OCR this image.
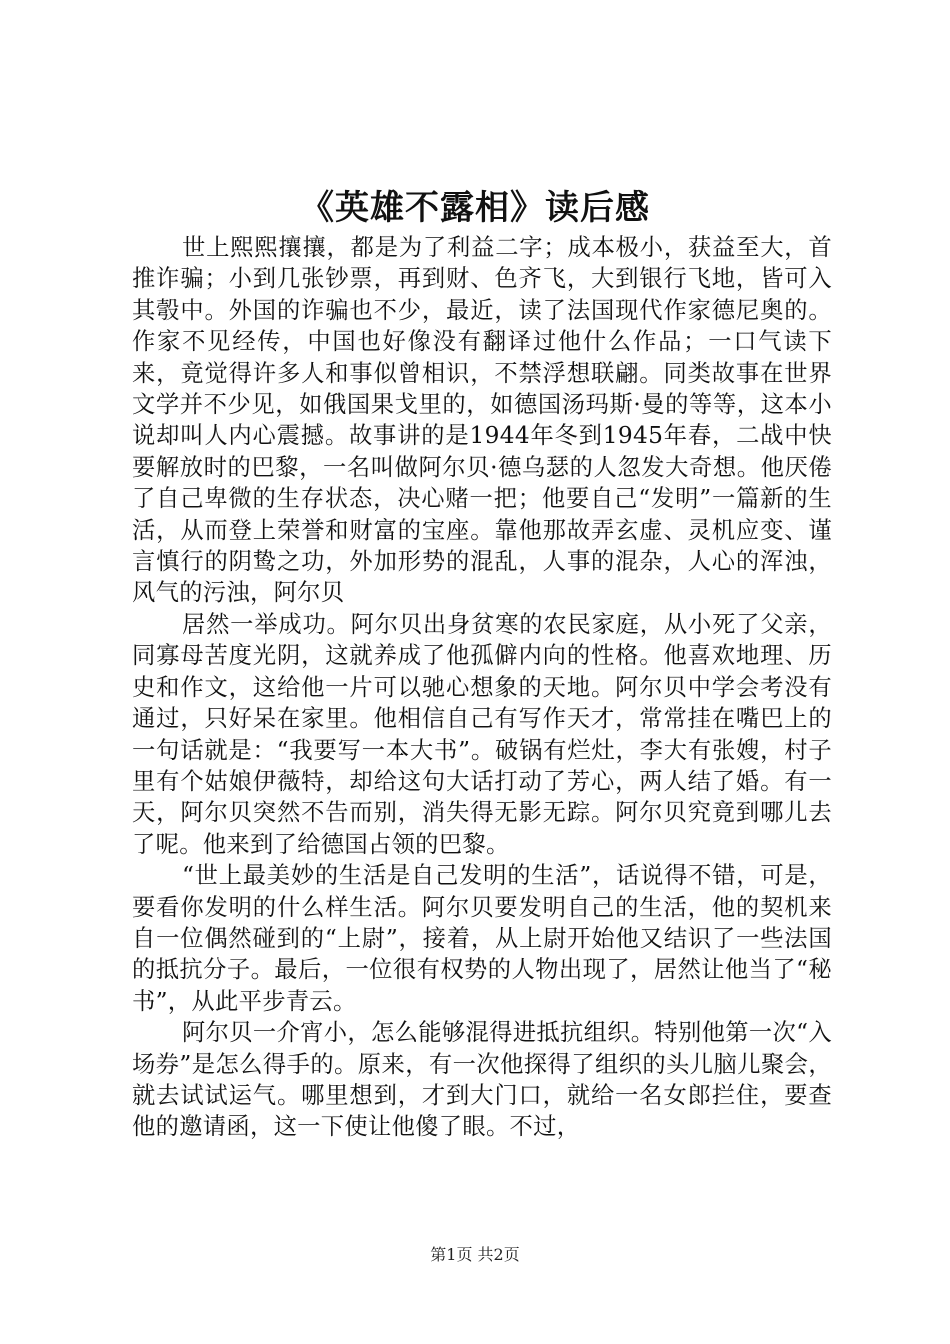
《英雄不露相》读后感

世上熙熙攘攘，都是为了利益二字；成本极小，获益至大，首推诈骗；小到几张钞票，再到财、色齐飞，大到银行飞地，皆可入其彀中。外国的诈骗也不少，最近，读了法国现代作家德尼奥的。作家不见经传，中国也好像没有翻译过他什么作品；一口气读下来，竟觉得许多人和事似曾相识，不禁浮想联翩。同类故事在世界文学并不少见，如俄国果戈里的，如德国汤玛斯·曼的等等，这本小说却叫人内心震撼。故事讲的是1944年冬到1945年春，二战中快要解放时的巴黎，一名叫做阿尔贝·德乌瑟的人忽发大奇想。他厌倦了自己卑微的生存状态，决心赌一把；他要自己“发明”一篇新的生活，从而登上荣誉和财富的宝座。靠他那故弄玄虚、灵机应变、谨言慎行的阴鸷之功，外加形势的混乱，人事的混杂，人心的浑浊，风气的污浊，阿尔贝

居然一举成功。阿尔贝出身贫寒的农民家庭，从小死了父亲，同寡母苦度光阴，这就养成了他孤僻内向的性格。他喜欢地理、历史和作文，这给他一片可以驰心想象的天地。阿尔贝中学会考没有通过，只好呆在家里。他相信自己有写作天才，常常挂在嘴巴上的一句话就是：“我要写一本大书”。破锅有烂灶，李大有张嫂，村子里有个姑娘伊薇特，却给这句大话打动了芳心，两人结了婚。有一天，阿尔贝突然不告而别，消失得无影无踪。阿尔贝究竟到哪儿去了呢。他来到了给德国占领的巴黎。

“世上最美妙的生活是自己发明的生活”，话说得不错，可是，要看你发明的什么样生活。阿尔贝要发明自己的生活，他的契机来自一位偶然碰到的“上尉”，接着，从上尉开始他又结识了一些法国的抵抗分子。最后，一位很有权势的人物出现了，居然让他当了“秘书”，从此平步青云。

阿尔贝一介宵小，怎么能够混得进抵抗组织。特别他第一次“入场券”是怎么得手的。原来，有一次他探得了组织的头儿脑儿聚会，就去试试运气。哪里想到，才到大门口，就给一名女郎拦住，要查他的邀请函，这一下使让他傻了眼。不过，

第1页 共2页
